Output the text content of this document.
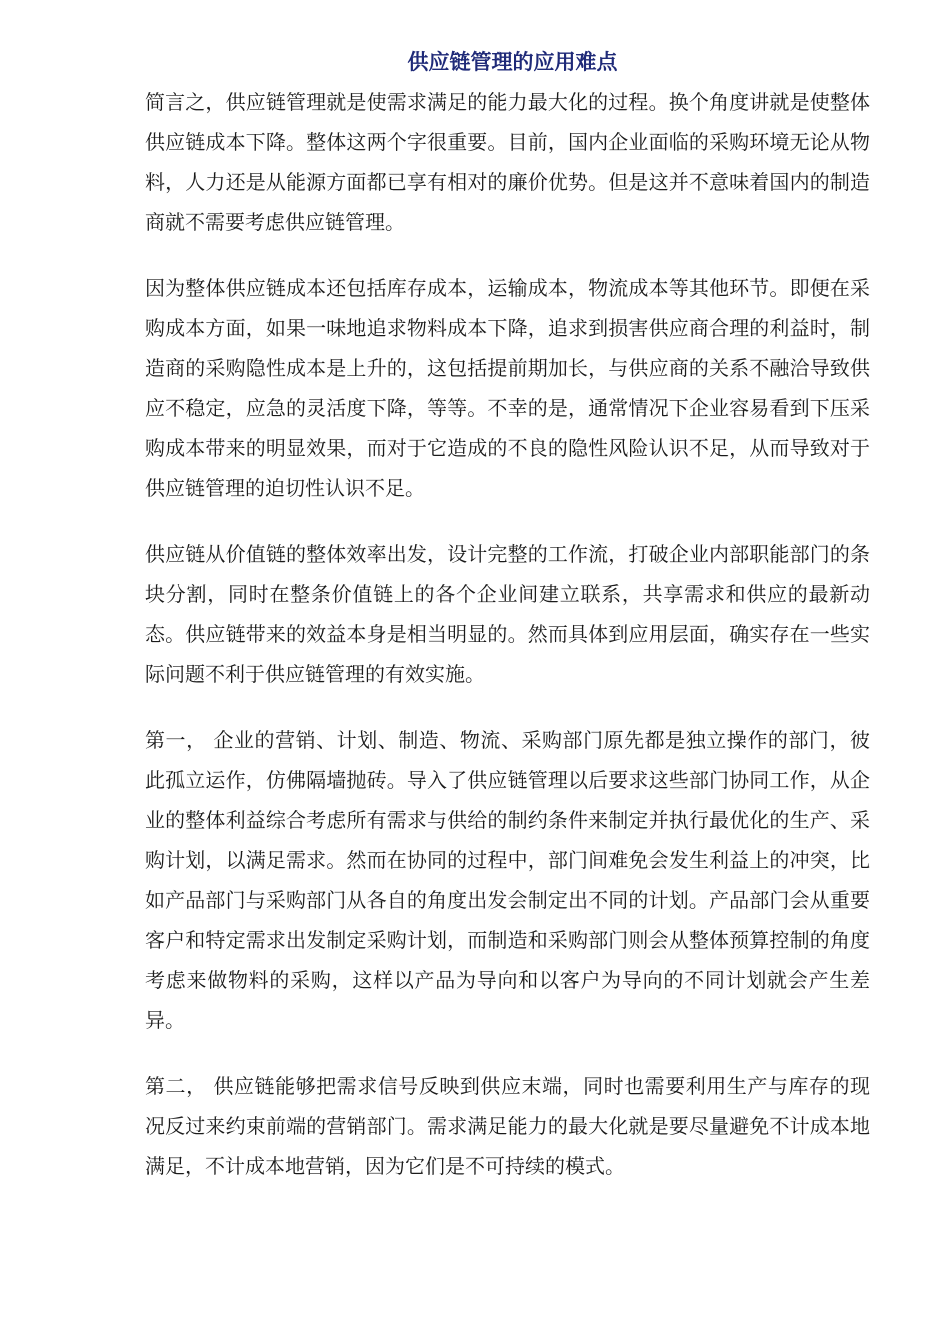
供应链管理的应用难点

简言之，供应链管理就是使需求满足的能力最大化的过程。换个角度讲就是使整体供应链成本下降。整体这两个字很重要。目前，国内企业面临的采购环境无论从物料，人力还是从能源方面都已享有相对的廉价优势。但是这并不意味着国内的制造商就不需要考虑供应链管理。

因为整体供应链成本还包括库存成本，运输成本，物流成本等其他环节。即便在采购成本方面，如果一味地追求物料成本下降，追求到损害供应商合理的利益时，制造商的采购隐性成本是上升的，这包括提前期加长，与供应商的关系不融洽导致供应不稳定，应急的灵活度下降，等等。不幸的是，通常情况下企业容易看到下压采购成本带来的明显效果，而对于它造成的不良的隐性风险认识不足，从而导致对于供应链管理的迫切性认识不足。

供应链从价值链的整体效率出发，设计完整的工作流，打破企业内部职能部门的条块分割，同时在整条价值链上的各个企业间建立联系，共享需求和供应的最新动态。供应链带来的效益本身是相当明显的。然而具体到应用层面，确实存在一些实际问题不利于供应链管理的有效实施。

第一， 企业的营销、计划、制造、物流、采购部门原先都是独立操作的部门，彼此孤立运作，仿佛隔墙抛砖。导入了供应链管理以后要求这些部门协同工作，从企业的整体利益综合考虑所有需求与供给的制约条件来制定并执行最优化的生产、采购计划，以满足需求。然而在协同的过程中，部门间难免会发生利益上的冲突，比如产品部门与采购部门从各自的角度出发会制定出不同的计划。产品部门会从重要客户和特定需求出发制定采购计划，而制造和采购部门则会从整体预算控制的角度考虑来做物料的采购，这样以产品为导向和以客户为导向的不同计划就会产生差异。

第二， 供应链能够把需求信号反映到供应末端，同时也需要利用生产与库存的现况反过来约束前端的营销部门。需求满足能力的最大化就是要尽量避免不计成本地满足，不计成本地营销，因为它们是不可持续的模式。
